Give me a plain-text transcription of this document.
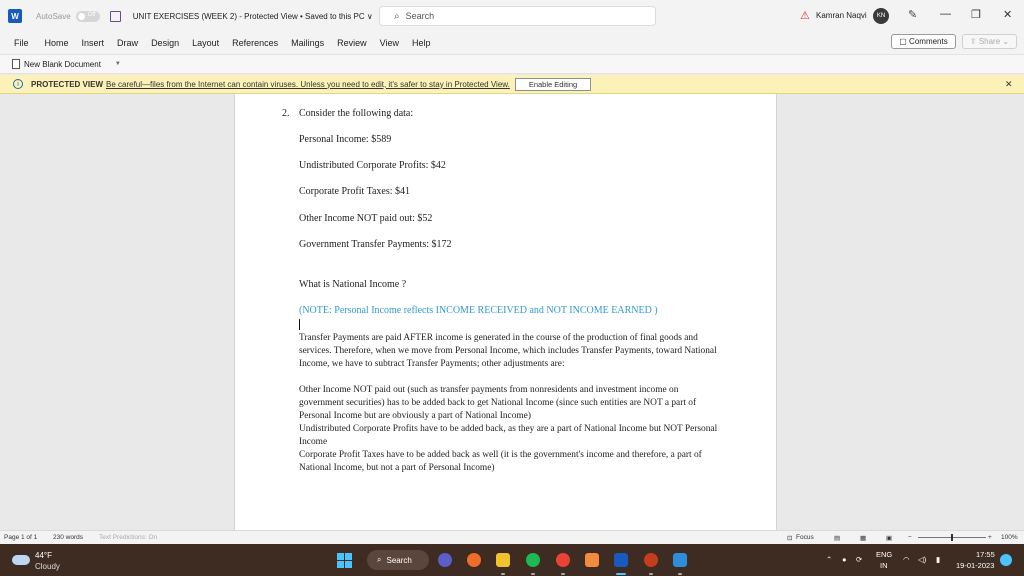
W	AutoSave	Off	UNIT EXERCISES (WEEK 2) - Protected View • Saved to this PC ∨ ⌕ Search	⚠ Kamran Naqvi	KN	✎ — ❐ ✕
File Home Insert Draw Design Layout References Mailings Review View Help	▢ Comments	⇪ Share ⌄
New Blank Document ▼
i	PROTECTED VIEW Be careful—files from the Internet can contain viruses. Unless you need to edit, it's safer to stay in Protected View.	Enable Editing	✕
2. Consider the following data:
Personal Income: $589
Undistributed Corporate Profits: $42
Corporate Profit Taxes: $41
Other Income NOT paid out: $52
Government Transfer Payments: $172
What is National Income ?
(NOTE: Personal Income reflects INCOME RECEIVED and NOT INCOME EARNED )
Transfer Payments are paid AFTER income is generated in the course of the production of final goods and services. Therefore, when we move from Personal Income, which includes Transfer Payments, toward National Income, we have to subtract Transfer Payments; other adjustments are:
Other Income NOT paid out (such as transfer payments from nonresidents and investment income on government securities) has to be added back to get National Income (since such entities are NOT a part of Personal Income but are obviously a part of National Income)
Undistributed Corporate Profits have to be added back, as they are a part of National Income but NOT Personal Income
Corporate Profit Taxes have to be added back as well (it is the government's income and therefore, a part of National Income, but not a part of Personal Income)
Page 1 of 1 230 words Text Predictions: On	⊡ Focus	▤	▦	▣ −	+ 100%
44°F
Cloudy
⌕ Search	⌃ ● ⟳
ENG
IN
◠ ◁) ▮
17:55
19-01-2023
